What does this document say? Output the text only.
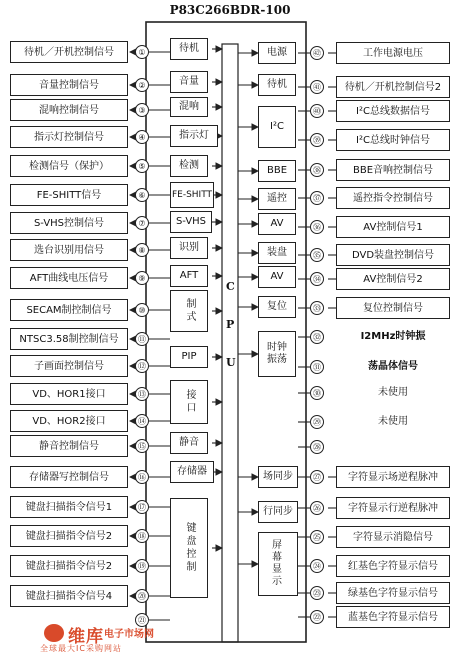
P83C266BDR-100
①
待机／开机控制信号
②
音量控制信号
③
混响控制信号
④
指示灯控制信号
⑤
检测信号（保护）
⑥
FE-SHITT信号
⑦
S-VHS控制信号
⑧
选台识别用信号
⑨
AFT曲线电压信号
⑩
SECAM制控制信号
⑪
NTSC3.58制控制信号
⑫
子画面控制信号
⑬
VD、HOR1接口
⑭
VD、HOR2接口
⑮
静音控制信号
⑯
存储器写控制信号
⑰
键盘扫描指令信号1
⑱
键盘扫描指令信号2
⑲
键盘扫描指令信号2
⑳
键盘扫描指令信号4
㉑
㊷	工作电源电压
㊶	待机／开机控制信号2
㊵	I²C总线数据信号
㊴	I²C总线时钟信号
㊳	BBE音响控制信号
㊲	遥控指令控制信号
㊱	AV控制信号1
㉟	DVD装盘控制信号
㉞	AV控制信号2
㉝	复位控制信号
㉜	I2MHz时钟振
㉛	荡晶体信号
㉚	未使用
㉙	未使用
㉘
㉗	字符显示场逆程脉冲
㉖	字符显示行逆程脉冲
㉕	字符显示消隐信号
㉔	红基色字符显示信号
㉓	绿基色字符显示信号
㉒	蓝基色字符显示信号
C
P
U
待机
音量
混响
指示灯
检测
FE-SHITT
S-VHS
识别
AFT
制式
PIP
接口
静音
存储器
键盘控制
电源
待机
I²C
BBE
遥控
AV
装盘
AV
复位
时钟振荡
场同步
行同步
屏幕显示
维库 电子市场网
全球最大IC采购网站
